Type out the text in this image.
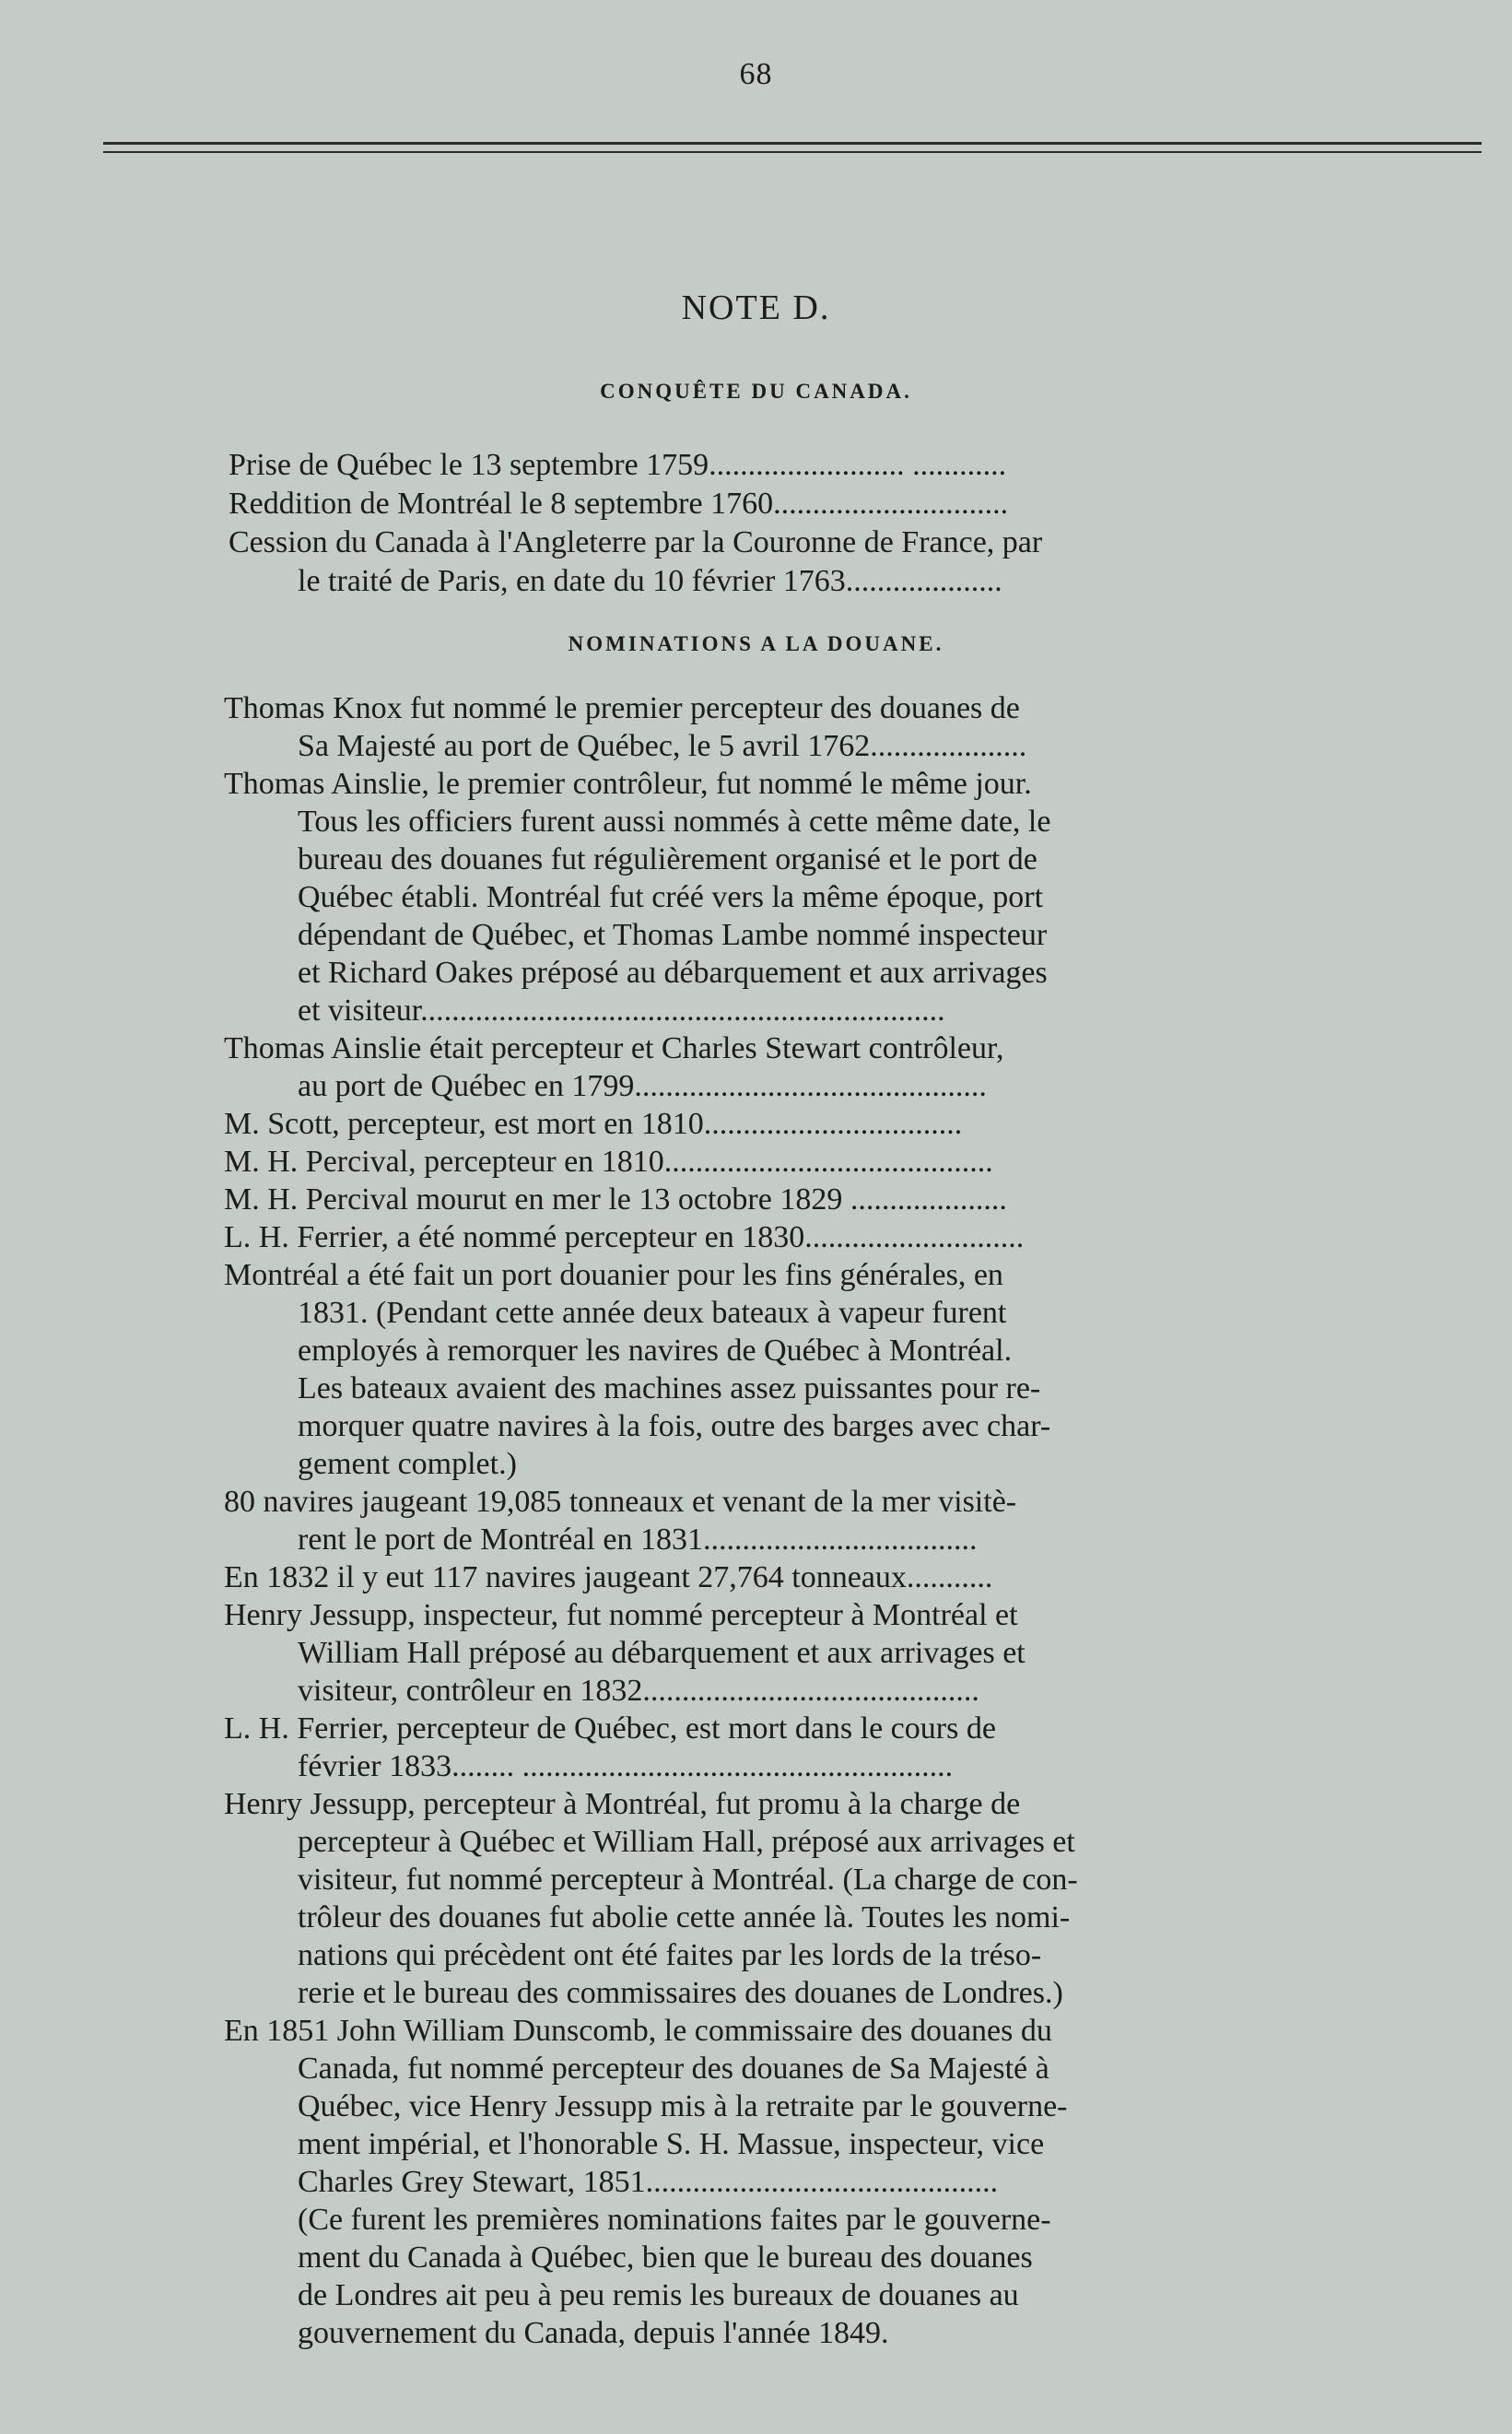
68
NOTE D.
CONQUÊTE DU CANADA.
NOMINATIONS A LA DOUANE.
Prise de Québec le 13 septembre 1759......................... ............
Reddition de Montréal le 8 septembre 1760..............................
Cession du Canada à l'Angleterre par la Couronne de France, par
le traité de Paris, en date du 10 février 1763....................
Thomas Knox fut nommé le premier percepteur des douanes de
Sa Majesté au port de Québec, le 5 avril 1762....................
Thomas Ainslie, le premier contrôleur, fut nommé le même jour.
Tous les officiers furent aussi nommés à cette même date, le
bureau des douanes fut régulièrement organisé et le port de
Québec établi. Montréal fut créé vers la même époque, port
dépendant de Québec, et Thomas Lambe nommé inspecteur
et Richard Oakes préposé au débarquement et aux arrivages
et visiteur...................................................................
Thomas Ainslie était percepteur et Charles Stewart contrôleur,
au port de Québec en 1799.............................................
M. Scott, percepteur, est mort en 1810.................................
M. H. Percival, percepteur en 1810..........................................
M. H. Percival mourut en mer le 13 octobre 1829 ....................
L. H. Ferrier, a été nommé percepteur en 1830............................
Montréal a été fait un port douanier pour les fins générales, en
1831. (Pendant cette année deux bateaux à vapeur furent
employés à remorquer les navires de Québec à Montréal.
Les bateaux avaient des machines assez puissantes pour re-
morquer quatre navires à la fois, outre des barges avec char-
gement complet.)
80 navires jaugeant 19,085 tonneaux et venant de la mer visitè-
rent le port de Montréal en 1831...................................
En 1832 il y eut 117 navires jaugeant 27,764 tonneaux...........
Henry Jessupp, inspecteur, fut nommé percepteur à Montréal et
William Hall préposé au débarquement et aux arrivages et
visiteur, contrôleur en 1832...........................................
L. H. Ferrier, percepteur de Québec, est mort dans le cours de
février 1833........ .......................................................
Henry Jessupp, percepteur à Montréal, fut promu à la charge de
percepteur à Québec et William Hall, préposé aux arrivages et
visiteur, fut nommé percepteur à Montréal. (La charge de con-
trôleur des douanes fut abolie cette année là. Toutes les nomi-
nations qui précèdent ont été faites par les lords de la tréso-
rerie et le bureau des commissaires des douanes de Londres.)
En 1851 John William Dunscomb, le commissaire des douanes du
Canada, fut nommé percepteur des douanes de Sa Majesté à
Québec, vice Henry Jessupp mis à la retraite par le gouverne-
ment impérial, et l'honorable S. H. Massue, inspecteur, vice
Charles Grey Stewart, 1851.............................................
(Ce furent les premières nominations faites par le gouverne-
ment du Canada à Québec, bien que le bureau des douanes
de Londres ait peu à peu remis les bureaux de douanes au
gouvernement du Canada, depuis l'année 1849.
